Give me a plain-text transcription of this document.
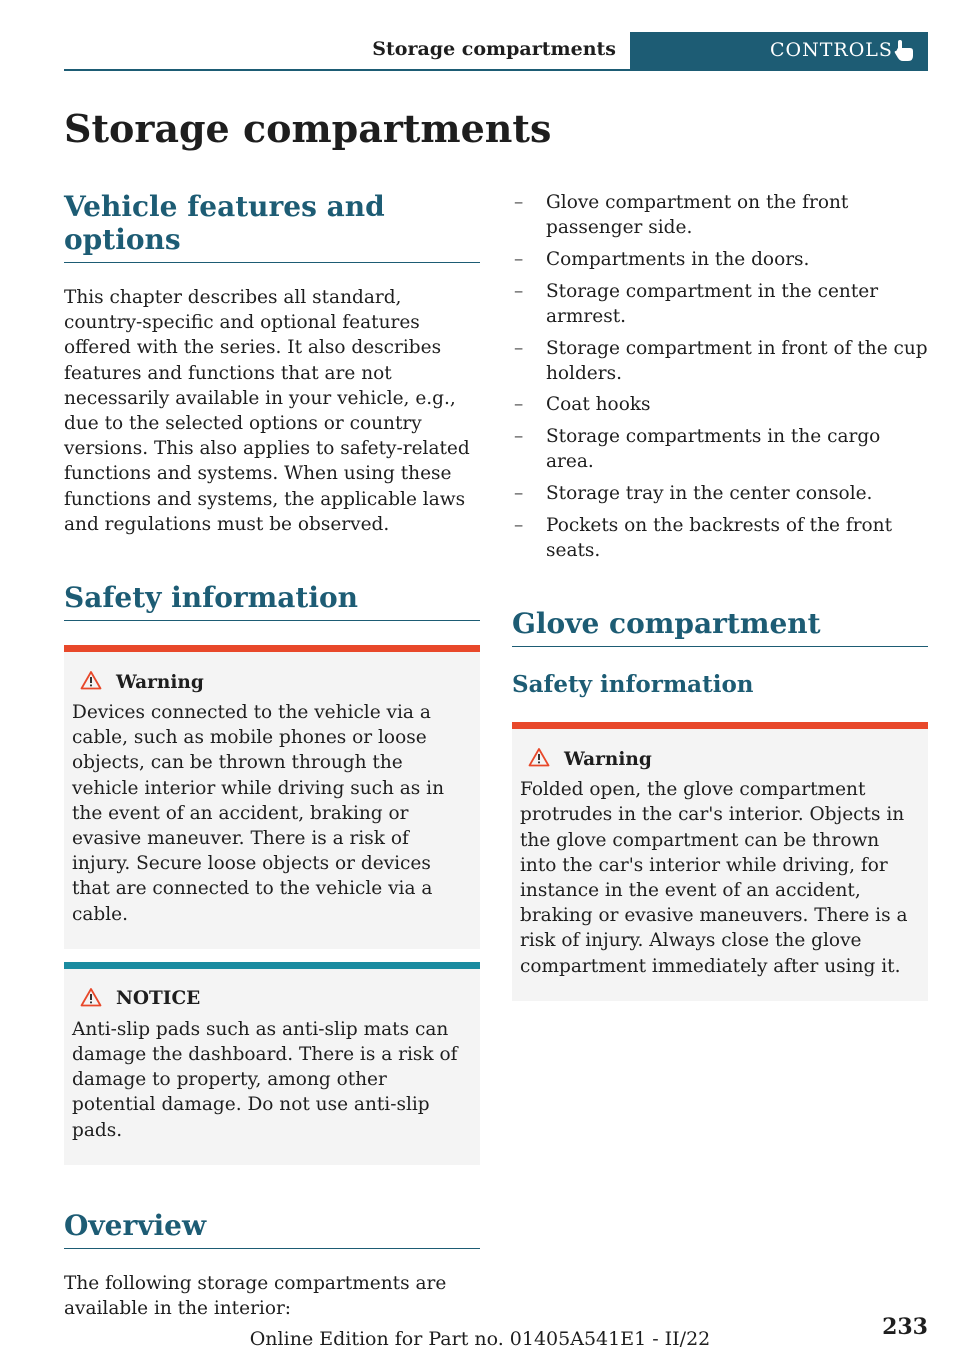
Storage compartments	CONTROLS
Storage compartments
Vehicle features and options

This chapter describes all standard, country-specific and optional features offered with the series. It also describes features and functions that are not necessarily available in your vehicle, e.g., due to the selected options or country versions. This also applies to safety-related functions and systems. When using these functions and systems, the applicable laws and regulations must be observed.

Safety information
Warning

Devices connected to the vehicle via a cable, such as mobile phones or loose objects, can be thrown through the vehicle interior while driving such as in the event of an accident, braking or evasive maneuver. There is a risk of injury. Secure loose objects or devices that are connected to the vehicle via a cable.

NOTICE

Anti-slip pads such as anti-slip mats can damage the dashboard. There is a risk of damage to property, among other potential damage. Do not use anti-slip pads.

Overview

The following storage compartments are available in the interior:

– Glove compartment on the front passenger side.
– Compartments in the doors.
– Storage compartment in the center armrest.
– Storage compartment in front of the cup holders.
– Coat hooks
– Storage compartments in the cargo area.
– Storage tray in the center console.
– Pockets on the backrests of the front seats.
Glove compartment
Safety information
Warning

Folded open, the glove compartment protrudes in the car's interior. Objects in the glove compartment can be thrown into the car's interior while driving, for instance in the event of an accident, braking or evasive maneuvers. There is a risk of injury. Always close the glove compartment immediately after using it.

233
Online Edition for Part no. 01405A541E1 - II/22
